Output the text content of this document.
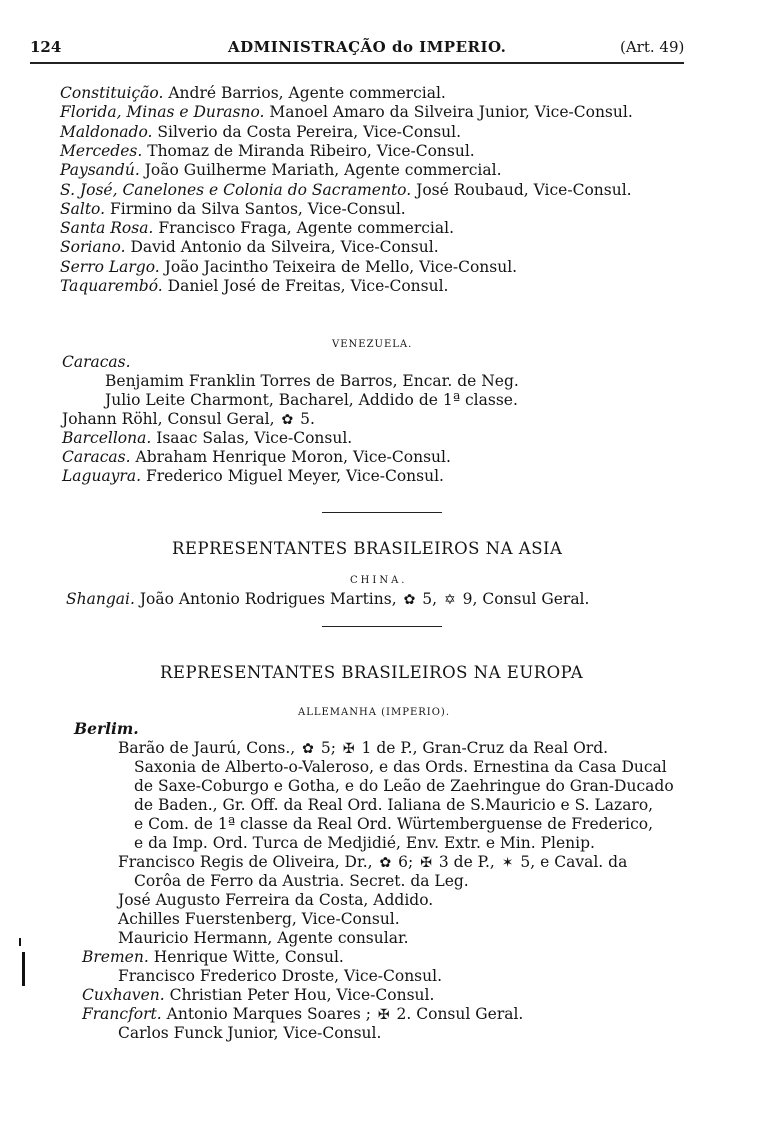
124	ADMINISTRAÇÃO do IMPERIO.	(Art. 49)
Constituição. André Barrios, Agente commercial.
Florida, Minas e Durasno. Manoel Amaro da Silveira Junior, Vice-Consul.
Maldonado. Silverio da Costa Pereira, Vice-Consul.
Mercedes. Thomaz de Miranda Ribeiro, Vice-Consul.
Paysandú. João Guilherme Mariath, Agente commercial.
S. José, Canelones e Colonia do Sacramento. José Roubaud, Vice-Consul.
Salto. Firmino da Silva Santos, Vice-Consul.
Santa Rosa. Francisco Fraga, Agente commercial.
Soriano. David Antonio da Silveira, Vice-Consul.
Serro Largo. João Jacintho Teixeira de Mello, Vice-Consul.
Taquarembó. Daniel José de Freitas, Vice-Consul.
VENEZUELA.
Caracas.
Benjamim Franklin Torres de Barros, Encar. de Neg.
Julio Leite Charmont, Bacharel, Addido de 1ª classe.
Johann Röhl, Consul Geral, ✿ 5.
Barcellona. Isaac Salas, Vice-Consul.
Caracas. Abraham Henrique Moron, Vice-Consul.
Laguayra. Frederico Miguel Meyer, Vice-Consul.
REPRESENTANTES BRASILEIROS NA ASIA
CHINA.
Shangai. João Antonio Rodrigues Martins, ✿ 5, ✡ 9, Consul Geral.
REPRESENTANTES BRASILEIROS NA EUROPA
ALLEMANHA (IMPERIO).
Berlim.
Barão de Jaurú, Cons., ✿ 5; ✠ 1 de P., Gran-Cruz da Real Ord.
Saxonia de Alberto-o-Valeroso, e das Ords. Ernestina da Casa Ducal
de Saxe-Coburgo e Gotha, e do Leão de Zaehringue do Gran-Ducado
de Baden., Gr. Off. da Real Ord. Ialiana de S.Mauricio e S. Lazaro,
e Com. de 1ª classe da Real Ord. Würtemberguense de Frederico,
e da Imp. Ord. Turca de Medjidié, Env. Extr. e Min. Plenip.
Francisco Regis de Oliveira, Dr., ✿ 6; ✠ 3 de P., ✶ 5, e Caval. da
Corôa de Ferro da Austria. Secret. da Leg.
José Augusto Ferreira da Costa, Addido.
Achilles Fuerstenberg, Vice-Consul.
Mauricio Hermann, Agente consular.
Bremen. Henrique Witte, Consul.
Francisco Frederico Droste, Vice-Consul.
Cuxhaven. Christian Peter Hou, Vice-Consul.
Francfort. Antonio Marques Soares ; ✠ 2. Consul Geral.
Carlos Funck Junior, Vice-Consul.
